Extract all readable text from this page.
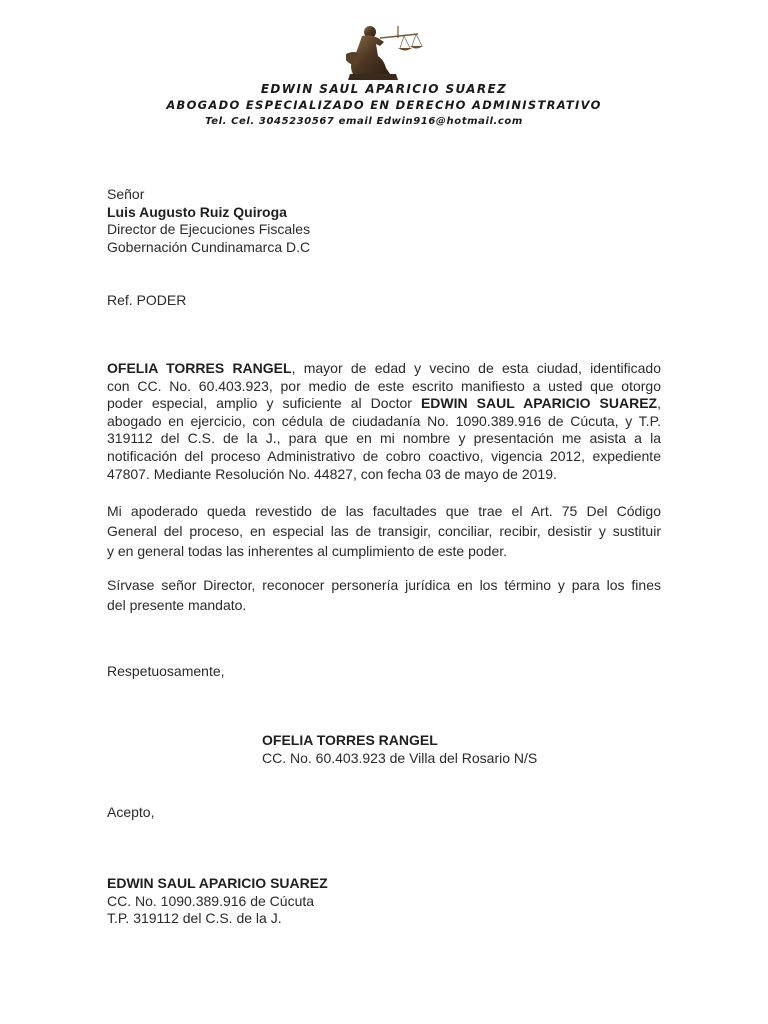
EDWIN SAUL APARICIO SUAREZ
ABOGADO ESPECIALIZADO EN DERECHO ADMINISTRATIVO
Tel. Cel. 3045230567 email Edwin916@hotmail.com
Señor
Luis Augusto Ruiz Quiroga
Director de Ejecuciones Fiscales
Gobernación Cundinamarca D.C
Ref. PODER
OFELIA TORRES RANGEL, mayor de edad y vecino de esta ciudad, identificado
con CC. No. 60.403.923, por medio de este escrito manifiesto a usted que otorgo
poder especial, amplio y suficiente al Doctor EDWIN SAUL APARICIO SUAREZ,
abogado en ejercicio, con cédula de ciudadanía No. 1090.389.916 de Cúcuta, y T.P.
319112 del C.S. de la J., para que en mi nombre y presentación me asista a la
notificación del proceso Administrativo de cobro coactivo, vigencia 2012, expediente
47807. Mediante Resolución No. 44827, con fecha 03 de mayo de 2019.
Mi apoderado queda revestido de las facultades que trae el Art. 75 Del Código
General del proceso, en especial las de transigir, conciliar, recibir, desistir y sustituir
y en general todas las inherentes al cumplimiento de este poder.
Sírvase señor Director, reconocer personería jurídica en los término y para los fines
del presente mandato.
Respetuosamente,
OFELIA TORRES RANGEL
CC. No. 60.403.923 de Villa del Rosario N/S
Acepto,
EDWIN SAUL APARICIO SUAREZ
CC. No. 1090.389.916 de Cúcuta
T.P. 319112 del C.S. de la J.
